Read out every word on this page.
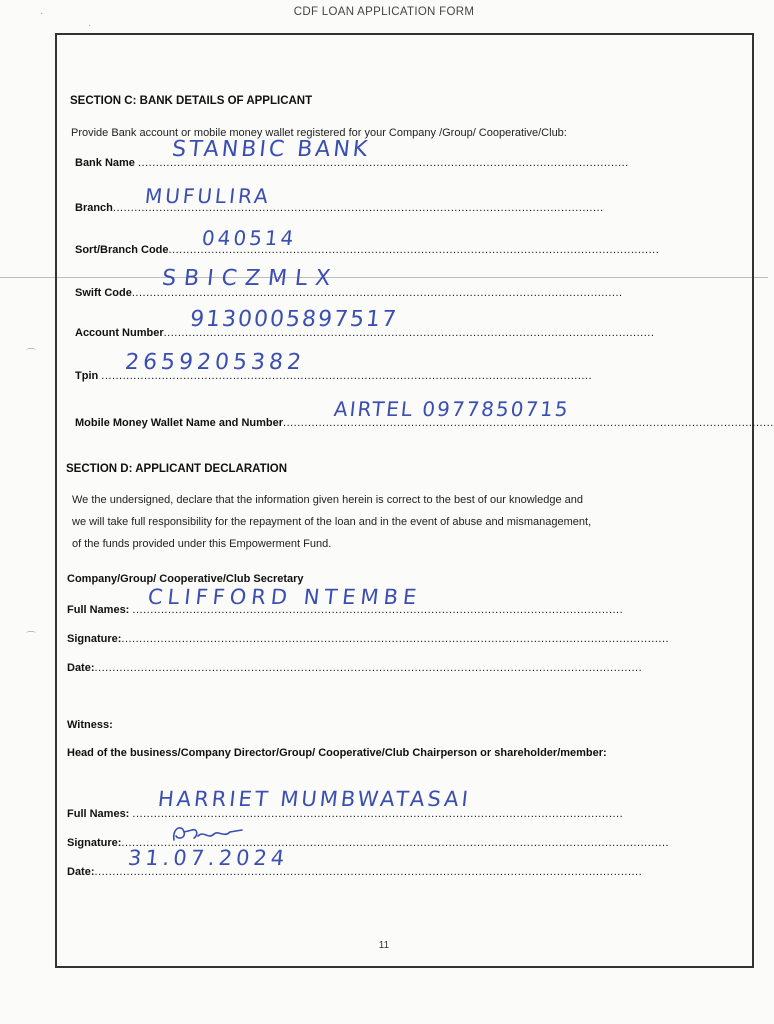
CDF LOAN APPLICATION FORM
·
·
⌒
⌒
SECTION C: BANK DETAILS OF APPLICANT
Provide Bank account or mobile money wallet registered for your Company /Group/ Cooperative/Club:
Bank Name ..........................................................................................................................................
STANBIC BANK
Branch..........................................................................................................................................
MUFULIRA
Sort/Branch Code..........................................................................................................................................
040514
Swift Code..........................................................................................................................................
SBICZMLX
Account Number..........................................................................................................................................
9130005897517
Tpin ..........................................................................................................................................
2659205382
Mobile Money Wallet Name and Number..........................................................................................................................................
AIRTEL 0977850715
SECTION D: APPLICANT DECLARATION
We the undersigned, declare that the information given herein is correct to the best of our knowledge and
we will take full responsibility for the repayment of the loan and in the event of abuse and mismanagement,
of the funds provided under this Empowerment Fund.
Company/Group/ Cooperative/Club Secretary
Full Names: ..........................................................................................................................................
CLIFFORD NTEMBE
Signature:..........................................................................................................................................................
Date:..........................................................................................................................................................
Witness:
Head of the business/Company Director/Group/ Cooperative/Club Chairperson or shareholder/member:
Full Names: ..........................................................................................................................................
HARRIET MUMBWATASAI
Signature:..........................................................................................................................................................
Date:..........................................................................................................................................................
31.07.2024
11
